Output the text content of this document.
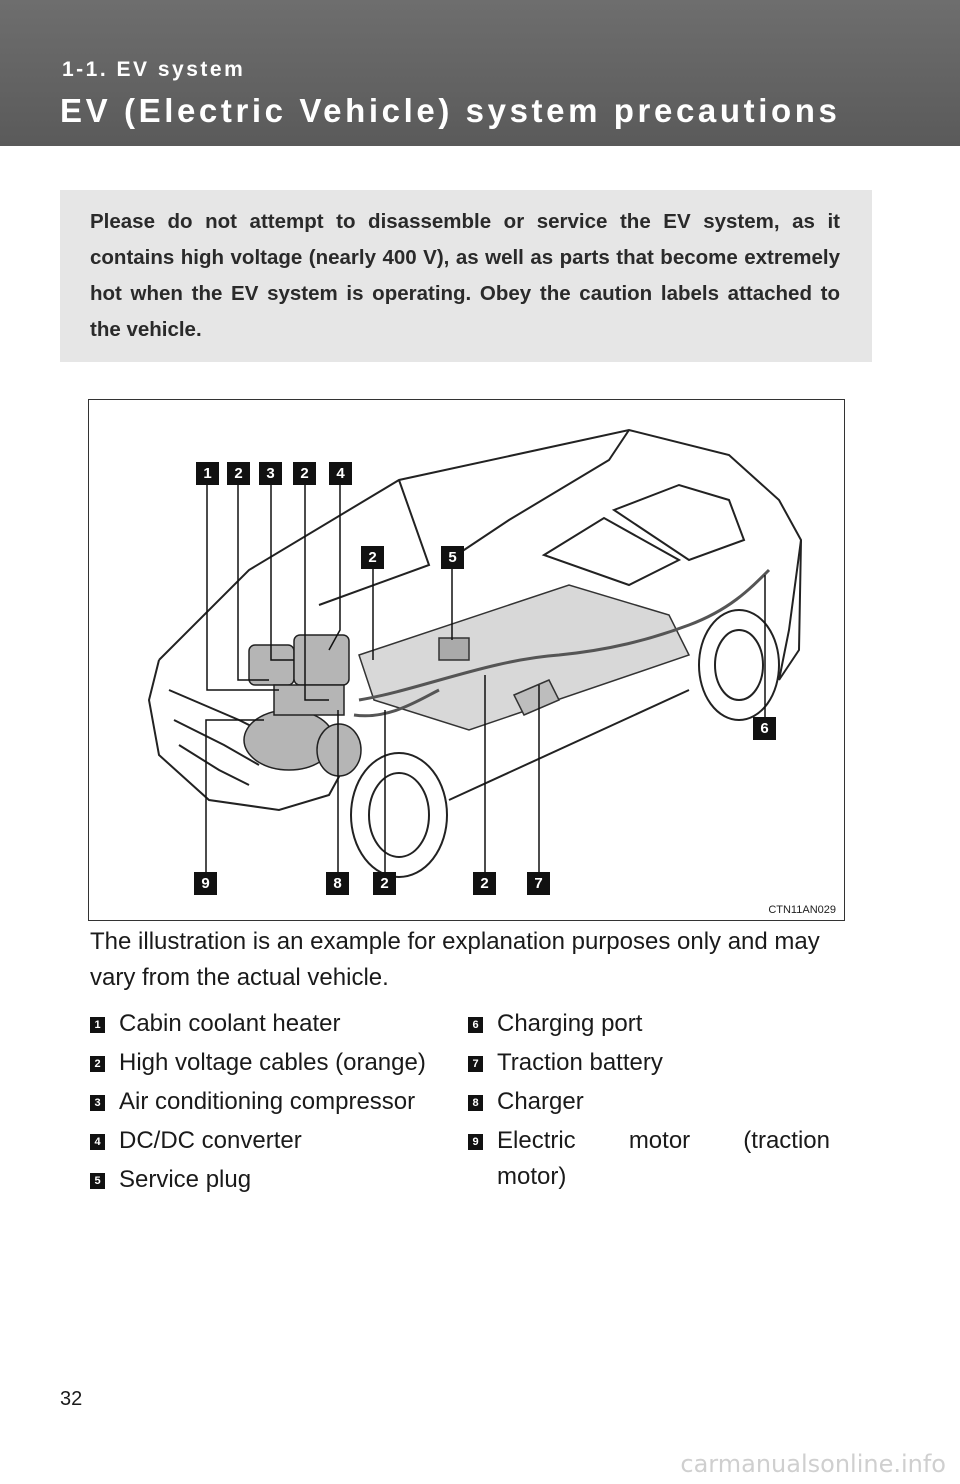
1-1. EV system
EV (Electric Vehicle) system precautions

Please do not attempt to disassemble or service the EV system, as it contains high voltage (nearly 400 V), as well as parts that become extremely hot when the EV system is operating. Obey the caution labels attached to the vehicle.

1	2	3	2	4
2	5
6
9	8	2	2	7
CTN11AN029
The illustration is an example for explanation purposes only and may vary from the actual vehicle.
1 Cabin coolant heater
2 High voltage cables (orange)
3 Air conditioning compressor
4 DC/DC converter
5 Service plug
6 Charging port
7 Traction battery
8 Charger
9 Electric motor (traction motor)
32
carmanualsonline.info
